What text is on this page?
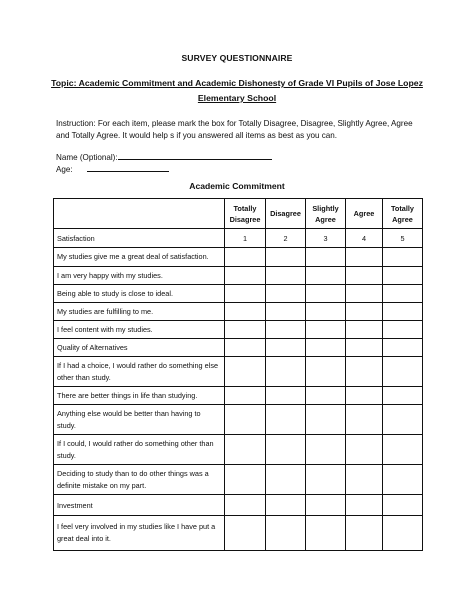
SURVEY QUESTIONNAIRE
Topic: Academic Commitment and Academic Dishonesty of Grade VI Pupils of Jose Lopez
Elementary School
Instruction: For each item, please mark the box for Totally Disagree, Disagree, Slightly Agree, Agree and Totally Agree. It would help s if you answered all items as best as you can.
Name (Optional):
Age:
Academic Commitment
	Totally Disagree	Disagree	Slightly Agree	Agree	Totally Agree
Satisfaction	1	2	3	4	5
My studies give me a great deal of satisfaction.					
I am very happy with my studies.					
Being able to study is close to ideal.					
My studies are fulfilling to me.					
I feel content with my studies.					
Quality of Alternatives					
If I had a choice, I would rather do something else other than study.					
There are better things in life than studying.					
Anything else would be better than having to study.					
If I could, I would rather do something other than study.					
Deciding to study than to do other things was a definite mistake on my part.					
Investment					
I feel very involved in my studies like I have put a great deal into it.					
